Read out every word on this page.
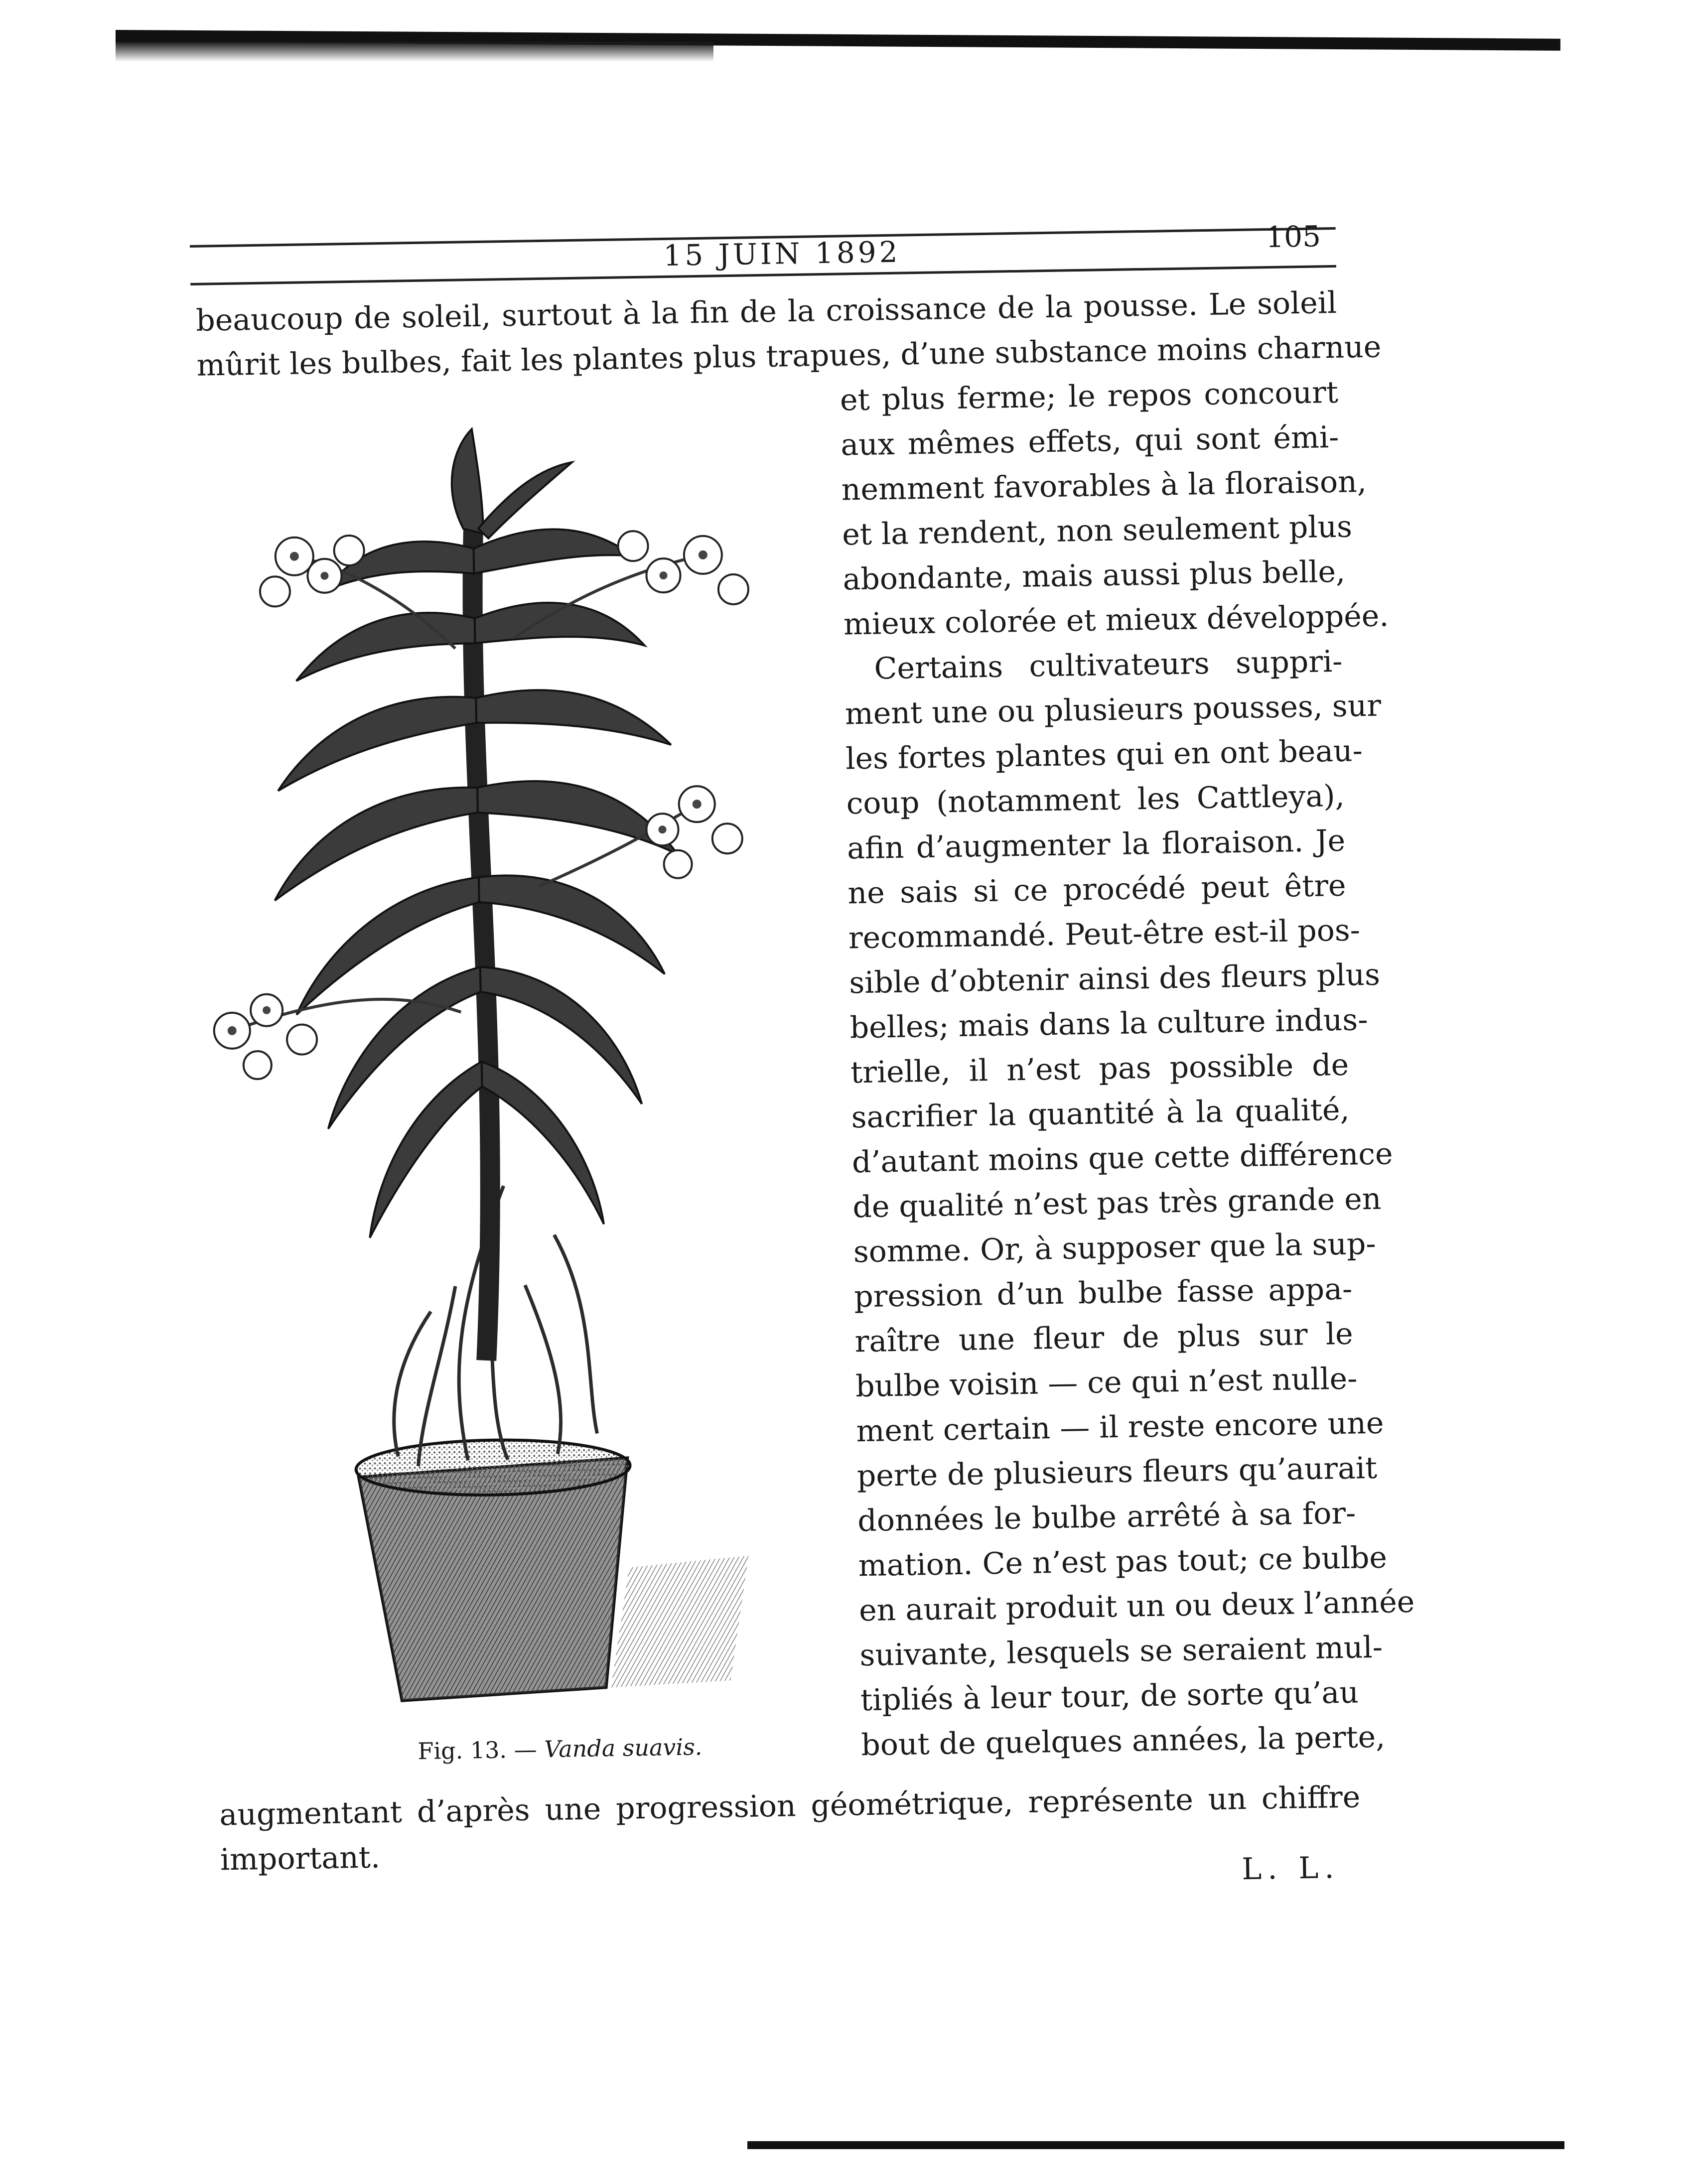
15 JUIN 1892	105
beaucoup de soleil, surtout à la fin de la croissance de la pousse. Le soleil
mûrit les bulbes, fait les plantes plus trapues, d’une substance moins charnue
Fig. 13. — Vanda suavis.
augmentant d’après une progression géométrique, représente un chiffre
important.	L. L.
et plus ferme; le repos concourt
aux mêmes effets, qui sont émi-
nemment favorables à la floraison,
et la rendent, non seulement plus
abondante, mais aussi plus belle,
mieux colorée et mieux développée.
Certains cultivateurs suppri-
ment une ou plusieurs pousses, sur
les fortes plantes qui en ont beau-
coup (notamment les Cattleya),
afin d’augmenter la floraison. Je
ne sais si ce procédé peut être
recommandé. Peut-être est-il pos-
sible d’obtenir ainsi des fleurs plus
belles; mais dans la culture indus-
trielle, il n’est pas possible de
sacrifier la quantité à la qualité,
d’autant moins que cette différence
de qualité n’est pas très grande en
somme. Or, à supposer que la sup-
pression d’un bulbe fasse appa-
raître une fleur de plus sur le
bulbe voisin — ce qui n’est nulle-
ment certain — il reste encore une
perte de plusieurs fleurs qu’aurait
données le bulbe arrêté à sa for-
mation. Ce n’est pas tout; ce bulbe
en aurait produit un ou deux l’année
suivante, lesquels se seraient mul-
tipliés à leur tour, de sorte qu’au
bout de quelques années, la perte,
